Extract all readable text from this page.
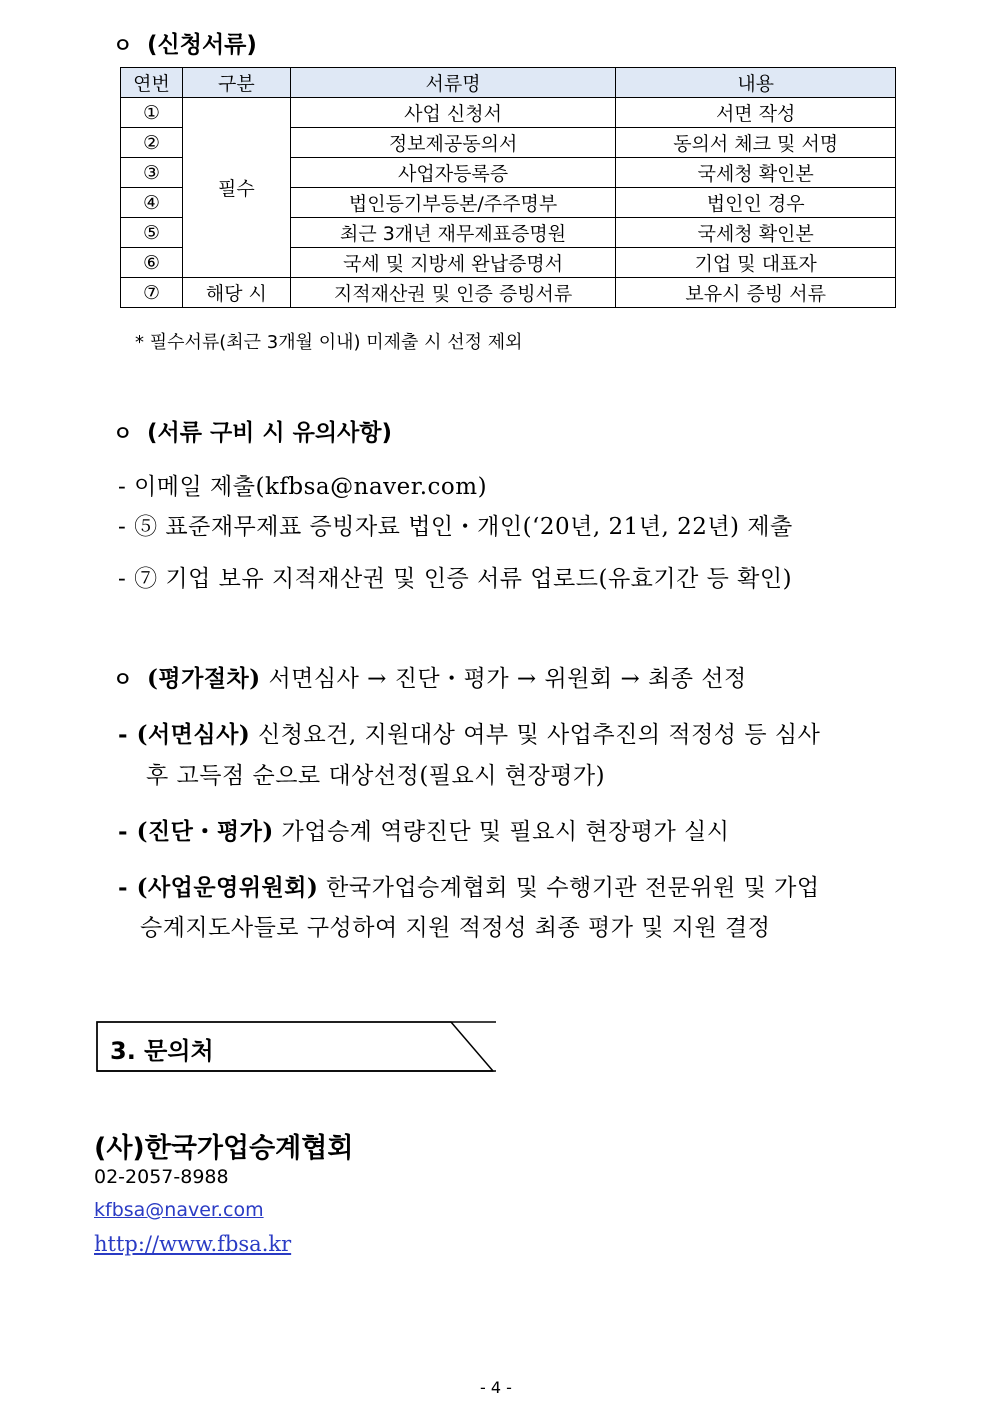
ㅇ (신청서류)
연번	구분	서류명	내용
①	필수	사업 신청서	서면 작성
②		정보제공동의서	동의서 체크 및 서명
③		사업자등록증	국세청 확인본
④		법인등기부등본/주주명부	법인인 경우
⑤		최근 3개년 재무제표증명원	국세청 확인본
⑥		국세 및 지방세 완납증명서	기업 및 대표자
⑦	해당 시	지적재산권 및 인증 증빙서류	보유시 증빙 서류
* 필수서류(최근 3개월 이내) 미제출 시 선정 제외
ㅇ (서류 구비 시 유의사항)
- 이메일 제출(kfbsa@naver.com)
- ⑤ 표준재무제표 증빙자료 법인・개인(‘20년, 21년, 22년) 제출
- ⑦ 기업 보유 지적재산권 및 인증 서류 업로드(유효기간 등 확인)
ㅇ (평가절차) 서면심사 → 진단・평가 → 위원회 → 최종 선정
- (서면심사) 신청요건, 지원대상 여부 및 사업추진의 적정성 등 심사
후 고득점 순으로 대상선정(필요시 현장평가)
- (진단・평가) 가업승계 역량진단 및 필요시 현장평가 실시
- (사업운영위원회) 한국가업승계협회 및 수행기관 전문위원 및 가업
승계지도사들로 구성하여 지원 적정성 최종 평가 및 지원 결정
3. 문의처
(사)한국가업승계협회
02-2057-8988
kfbsa@naver.com
http://www.fbsa.kr
- 4 -
